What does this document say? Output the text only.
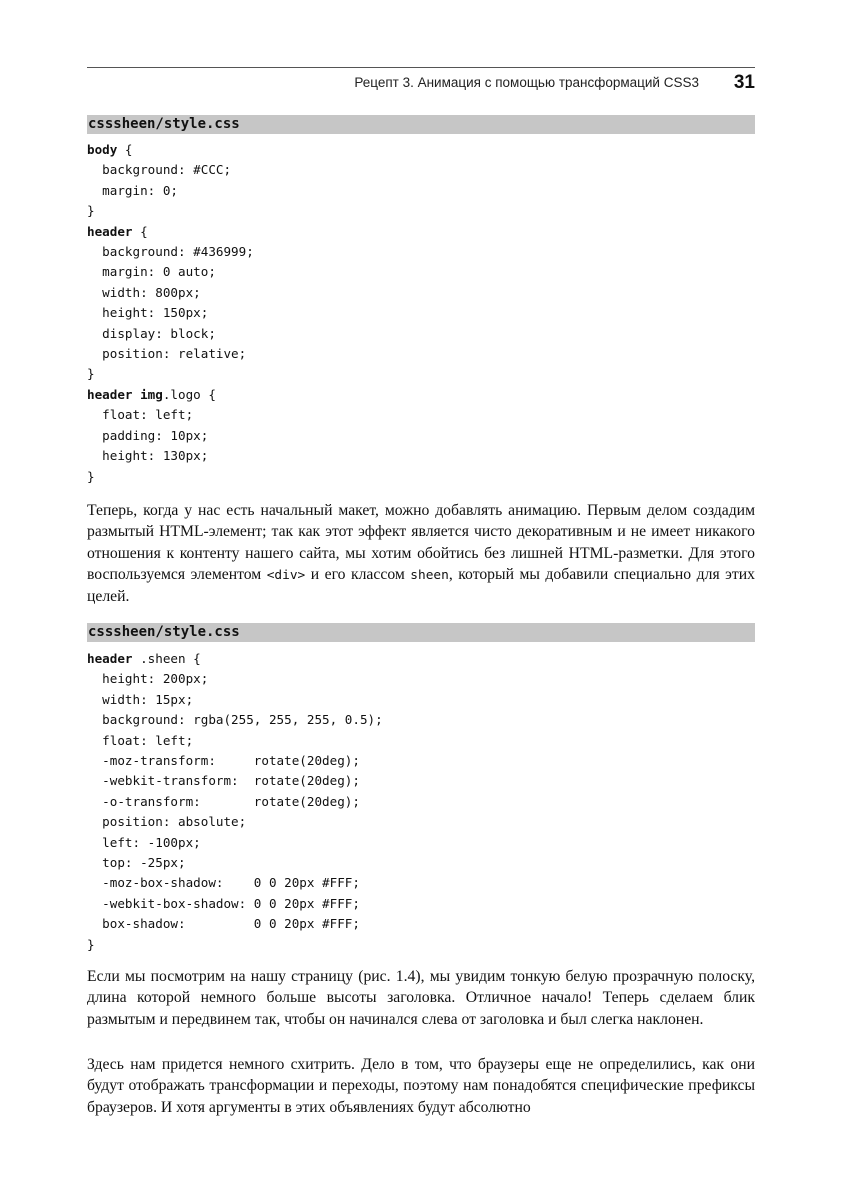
Рецепт 3. Анимация с помощью трансформаций CSS3 31
csssheen/style.css
body {
background: #CCC;
margin: 0;
}
header {
background: #436999;
margin: 0 auto;
width: 800px;
height: 150px;
display: block;
position: relative;
}
header img.logo {
float: left;
padding: 10px;
height: 130px;
}

Теперь, когда у нас есть начальный макет, можно добавлять анимацию. Первым делом создадим размытый HTML-элемент; так как этот эффект является чисто декоративным и не имеет никакого отношения к контенту нашего сайта, мы хотим обойтись без лишней HTML-разметки. Для этого воспользуемся элементом <div> и его классом sheen, который мы добавили специально для этих целей.

csssheen/style.css
header .sheen {
height: 200px;
width: 15px;
background: rgba(255, 255, 255, 0.5);
float: left;
-moz-transform:     rotate(20deg);
-webkit-transform:  rotate(20deg);
-o-transform:       rotate(20deg);
position: absolute;
left: -100px;
top: -25px;
-moz-box-shadow:    0 0 20px #FFF;
-webkit-box-shadow: 0 0 20px #FFF;
box-shadow:         0 0 20px #FFF;
}

Если мы посмотрим на нашу страницу (рис. 1.4), мы увидим тонкую белую прозрачную полоску, длина которой немного больше высоты заголовка. Отличное начало! Теперь сделаем блик размытым и передвинем так, чтобы он начинался слева от заголовка и был слегка наклонен.

Здесь нам придется немного схитрить. Дело в том, что браузеры еще не определились, как они будут отображать трансформации и переходы, поэтому нам понадобятся специфические префиксы браузеров. И хотя аргументы в этих объявлениях будут абсолютно
